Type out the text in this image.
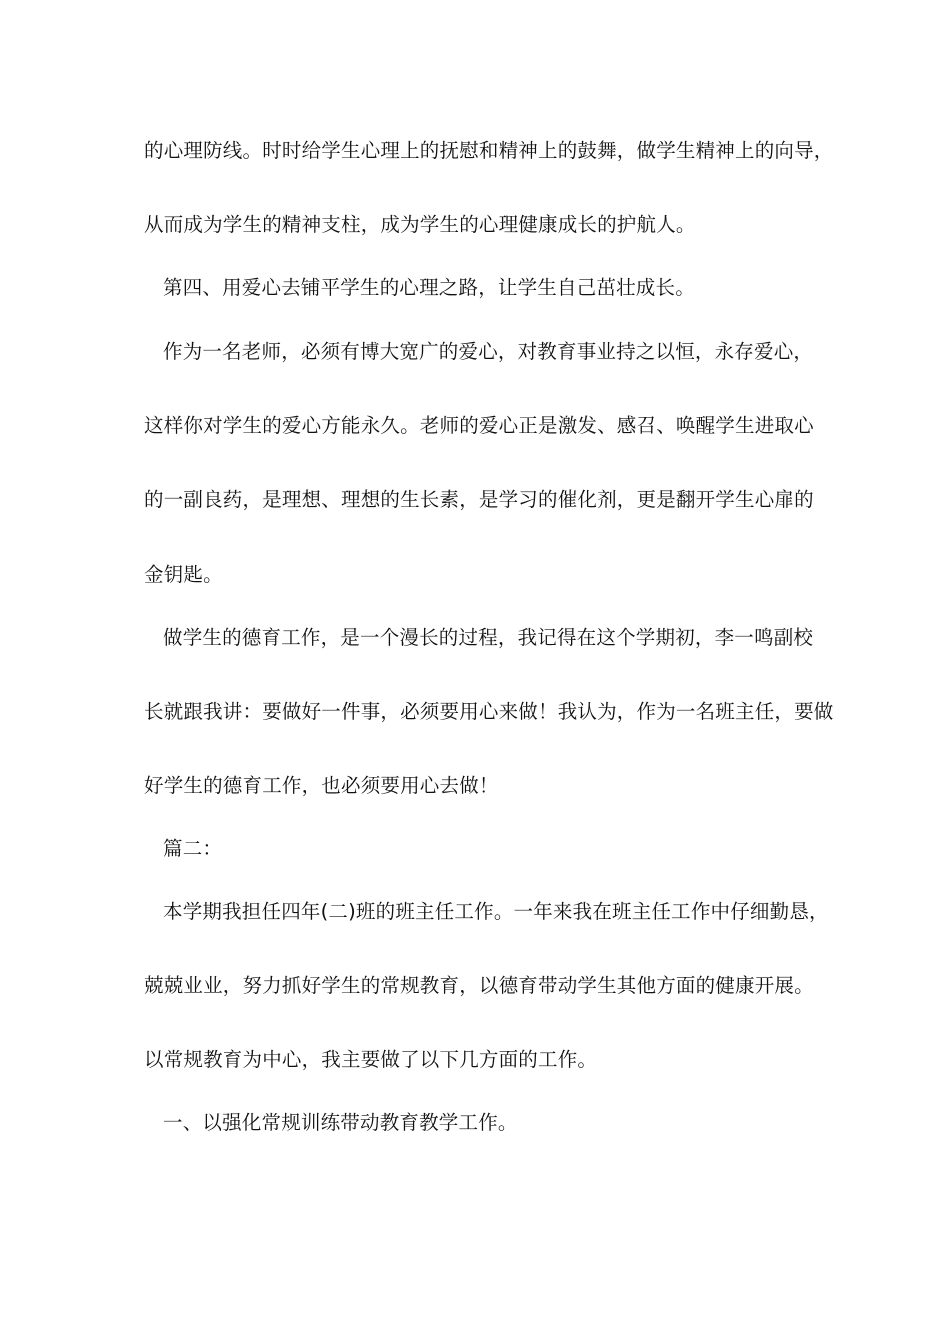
的心理防线。时时给学生心理上的抚慰和精神上的鼓舞，做学生精神上的向导，
从而成为学生的精神支柱，成为学生的心理健康成长的护航人。
第四、用爱心去铺平学生的心理之路，让学生自己茁壮成长。
作为一名老师，必须有博大宽广的爱心，对教育事业持之以恒，永存爱心，
这样你对学生的爱心方能永久。老师的爱心正是激发、感召、唤醒学生进取心
的一副良药，是理想、理想的生长素，是学习的催化剂，更是翻开学生心扉的
金钥匙。
做学生的德育工作，是一个漫长的过程，我记得在这个学期初，李一鸣副校
长就跟我讲：要做好一件事，必须要用心来做！我认为，作为一名班主任，要做
好学生的德育工作，也必须要用心去做！
篇二：
本学期我担任四年(二)班的班主任工作。一年来我在班主任工作中仔细勤恳，
兢兢业业，努力抓好学生的常规教育，以德育带动学生其他方面的健康开展。
以常规教育为中心，我主要做了以下几方面的工作。
一、以强化常规训练带动教育教学工作。
